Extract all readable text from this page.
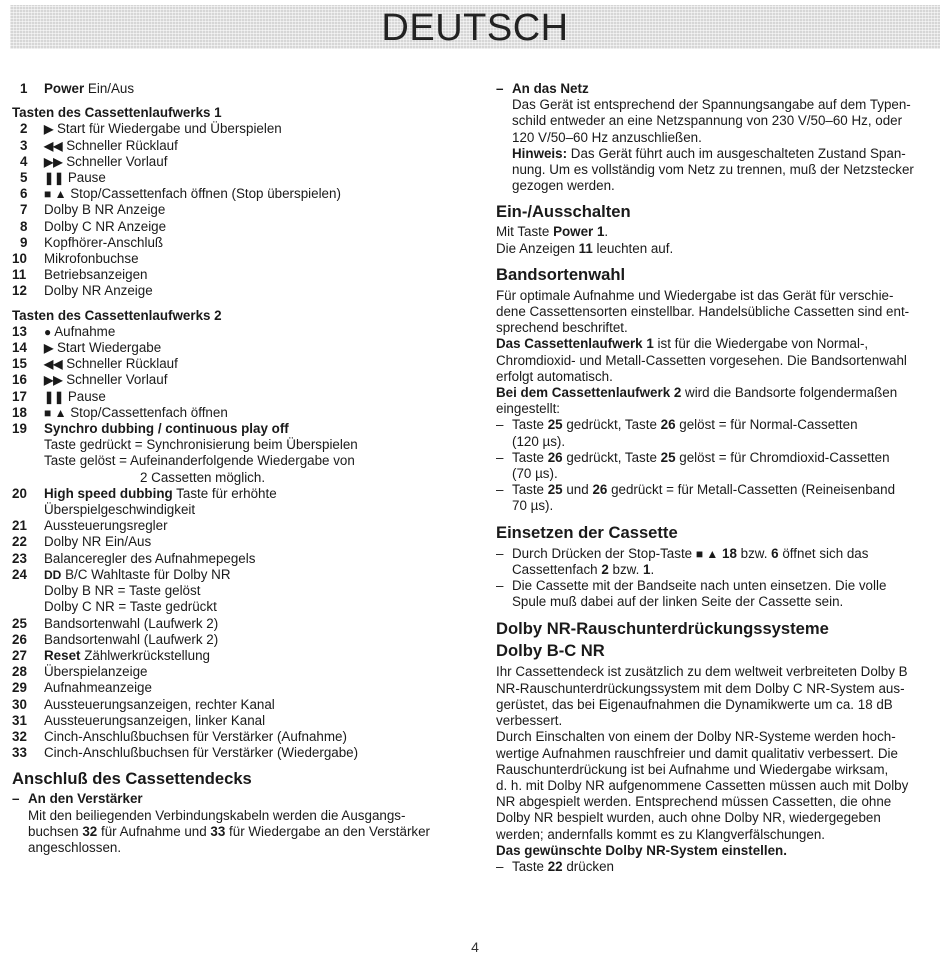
DEUTSCH
1	Power Ein/Aus
Tasten des Cassettenlaufwerks 1
2	▶ Start für Wiedergabe und Überspielen
3	◀◀ Schneller Rücklauf
4	▶▶ Schneller Vorlauf
5	❚❚ Pause
6	■ ▲ Stop/Cassettenfach öffnen (Stop überspielen)
7	Dolby B NR Anzeige
8	Dolby C NR Anzeige
9	Kopfhörer-Anschluß
10	Mikrofonbuchse
11	Betriebsanzeigen
12	Dolby NR Anzeige
Tasten des Cassettenlaufwerks 2
13	● Aufnahme
14	▶ Start Wiedergabe
15	◀◀ Schneller Rücklauf
16	▶▶ Schneller Vorlauf
17	❚❚ Pause
18	■ ▲ Stop/Cassettenfach öffnen
19	Synchro dubbing / continuous play off
Taste gedrückt = Synchronisierung beim Überspielen
Taste gelöst = Aufeinanderfolgende Wiedergabe von
2 Cassetten möglich.
20	High speed dubbing Taste für erhöhte
Überspielgeschwindigkeit
21	Aussteuerungsregler
22	Dolby NR Ein/Aus
23	Balanceregler des Aufnahmepegels
24	DD B/C Wahltaste für Dolby NR
Dolby B NR = Taste gelöst
Dolby C NR = Taste gedrückt
25	Bandsortenwahl (Laufwerk 2)
26	Bandsortenwahl (Laufwerk 2)
27	Reset Zählwerkrückstellung
28	Überspielanzeige
29	Aufnahmeanzeige
30	Aussteuerungsanzeigen, rechter Kanal
31	Aussteuerungsanzeigen, linker Kanal
32	Cinch-Anschlußbuchsen für Verstärker (Aufnahme)
33	Cinch-Anschlußbuchsen für Verstärker (Wiedergabe)
Anschluß des Cassettendecks
– An den Verstärker
Mit den beiliegenden Verbindungskabeln werden die Ausgangs-
buchsen 32 für Aufnahme und 33 für Wiedergabe an den Verstärker
angeschlossen.
– An das Netz
Das Gerät ist entsprechend der Spannungsangabe auf dem Typen-
schild entweder an eine Netzspannung von 230 V/50–60 Hz, oder
120 V/50–60 Hz anzuschließen.
Hinweis: Das Gerät führt auch im ausgeschalteten Zustand Span-
nung. Um es vollständig vom Netz zu trennen, muß der Netzstecker
gezogen werden.
Ein-/Ausschalten
Mit Taste Power 1.
Die Anzeigen 11 leuchten auf.
Bandsortenwahl
Für optimale Aufnahme und Wiedergabe ist das Gerät für verschie-
dene Cassettensorten einstellbar. Handelsübliche Cassetten sind ent-
sprechend beschriftet.
Das Cassettenlaufwerk 1 ist für die Wiedergabe von Normal-,
Chromdioxid- und Metall-Cassetten vorgesehen. Die Bandsortenwahl
erfolgt automatisch.
Bei dem Cassettenlaufwerk 2 wird die Bandsorte folgendermaßen
eingestellt:
– Taste 25 gedrückt, Taste 26 gelöst = für Normal-Cassetten
(120 µs).
– Taste 26 gedrückt, Taste 25 gelöst = für Chromdioxid-Cassetten
(70 µs).
– Taste 25 und 26 gedrückt = für Metall-Cassetten (Reineisenband
70 µs).
Einsetzen der Cassette
– Durch Drücken der Stop-Taste ■ ▲ 18 bzw. 6 öffnet sich das
Cassettenfach 2 bzw. 1.
– Die Cassette mit der Bandseite nach unten einsetzen. Die volle
Spule muß dabei auf der linken Seite der Cassette sein.
Dolby NR-Rauschunterdrückungssysteme
Dolby B-C NR
Ihr Cassettendeck ist zusätzlich zu dem weltweit verbreiteten Dolby B
NR-Rauschunterdrückungssystem mit dem Dolby C NR-System aus-
gerüstet, das bei Eigenaufnahmen die Dynamikwerte um ca. 18 dB
verbessert.
Durch Einschalten von einem der Dolby NR-Systeme werden hoch-
wertige Aufnahmen rauschfreier und damit qualitativ verbessert. Die
Rauschunterdrückung ist bei Aufnahme und Wiedergabe wirksam,
d. h. mit Dolby NR aufgenommene Cassetten müssen auch mit Dolby
NR abgespielt werden. Entsprechend müssen Cassetten, die ohne
Dolby NR bespielt wurden, auch ohne Dolby NR, wiedergegeben
werden; andernfalls kommt es zu Klangverfälschungen.
Das gewünschte Dolby NR-System einstellen.
– Taste 22 drücken
4
